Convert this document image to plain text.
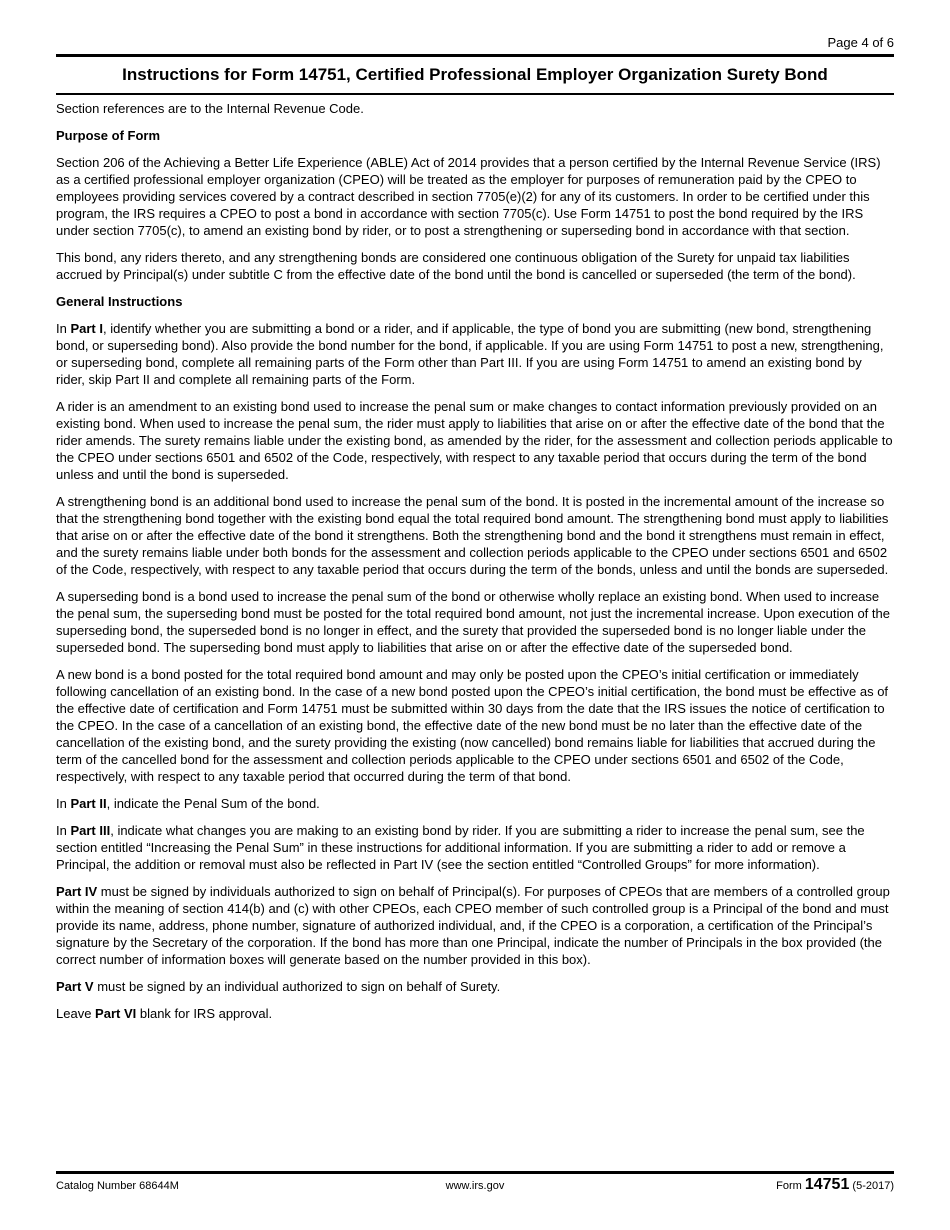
Page 4 of 6
Instructions for Form 14751, Certified Professional Employer Organization Surety Bond

Section references are to the Internal Revenue Code.

Purpose of Form

Section 206 of the Achieving a Better Life Experience (ABLE) Act of 2014 provides that a person certified by the Internal Revenue Service (IRS) as a certified professional employer organization (CPEO) will be treated as the employer for purposes of remuneration paid by the CPEO to employees providing services covered by a contract described in section 7705(e)(2) for any of its customers. In order to be certified under this program, the IRS requires a CPEO to post a bond in accordance with section 7705(c). Use Form 14751 to post the bond required by the IRS under section 7705(c), to amend an existing bond by rider, or to post a strengthening or superseding bond in accordance with that section.

This bond, any riders thereto, and any strengthening bonds are considered one continuous obligation of the Surety for unpaid tax liabilities accrued by Principal(s) under subtitle C from the effective date of the bond until the bond is cancelled or superseded (the term of the bond).

General Instructions

In Part I, identify whether you are submitting a bond or a rider, and if applicable, the type of bond you are submitting (new bond, strengthening bond, or superseding bond). Also provide the bond number for the bond, if applicable. If you are using Form 14751 to post a new, strengthening, or superseding bond, complete all remaining parts of the Form other than Part III. If you are using Form 14751 to amend an existing bond by rider, skip Part II and complete all remaining parts of the Form.

A rider is an amendment to an existing bond used to increase the penal sum or make changes to contact information previously provided on an existing bond. When used to increase the penal sum, the rider must apply to liabilities that arise on or after the effective date of the bond that the rider amends. The surety remains liable under the existing bond, as amended by the rider, for the assessment and collection periods applicable to the CPEO under sections 6501 and 6502 of the Code, respectively, with respect to any taxable period that occurs during the term of the bond unless and until the bond is superseded.

A strengthening bond is an additional bond used to increase the penal sum of the bond. It is posted in the incremental amount of the increase so that the strengthening bond together with the existing bond equal the total required bond amount. The strengthening bond must apply to liabilities that arise on or after the effective date of the bond it strengthens. Both the strengthening bond and the bond it strengthens must remain in effect, and the surety remains liable under both bonds for the assessment and collection periods applicable to the CPEO under sections 6501 and 6502 of the Code, respectively, with respect to any taxable period that occurs during the term of the bonds, unless and until the bonds are superseded.

A superseding bond is a bond used to increase the penal sum of the bond or otherwise wholly replace an existing bond. When used to increase the penal sum, the superseding bond must be posted for the total required bond amount, not just the incremental increase. Upon execution of the superseding bond, the superseded bond is no longer in effect, and the surety that provided the superseded bond is no longer liable under the superseded bond. The superseding bond must apply to liabilities that arise on or after the effective date of the superseded bond.

A new bond is a bond posted for the total required bond amount and may only be posted upon the CPEO’s initial certification or immediately following cancellation of an existing bond. In the case of a new bond posted upon the CPEO’s initial certification, the bond must be effective as of the effective date of certification and Form 14751 must be submitted within 30 days from the date that the IRS issues the notice of certification to the CPEO. In the case of a cancellation of an existing bond, the effective date of the new bond must be no later than the effective date of the cancellation of the existing bond, and the surety providing the existing (now cancelled) bond remains liable for liabilities that accrued during the term of the cancelled bond for the assessment and collection periods applicable to the CPEO under sections 6501 and 6502 of the Code, respectively, with respect to any taxable period that occurred during the term of that bond.

In Part II, indicate the Penal Sum of the bond.

In Part III, indicate what changes you are making to an existing bond by rider. If you are submitting a rider to increase the penal sum, see the section entitled “Increasing the Penal Sum” in these instructions for additional information. If you are submitting a rider to add or remove a Principal, the addition or removal must also be reflected in Part IV (see the section entitled “Controlled Groups” for more information).

Part IV must be signed by individuals authorized to sign on behalf of Principal(s). For purposes of CPEOs that are members of a controlled group within the meaning of section 414(b) and (c) with other CPEOs, each CPEO member of such controlled group is a Principal of the bond and must provide its name, address, phone number, signature of authorized individual, and, if the CPEO is a corporation, a certification of the Principal’s signature by the Secretary of the corporation. If the bond has more than one Principal, indicate the number of Principals in the box provided (the correct number of information boxes will generate based on the number provided in this box).

Part V must be signed by an individual authorized to sign on behalf of Surety.

Leave Part VI blank for IRS approval.

Catalog Number 68644M	www.irs.gov	Form 14751 (5-2017)
